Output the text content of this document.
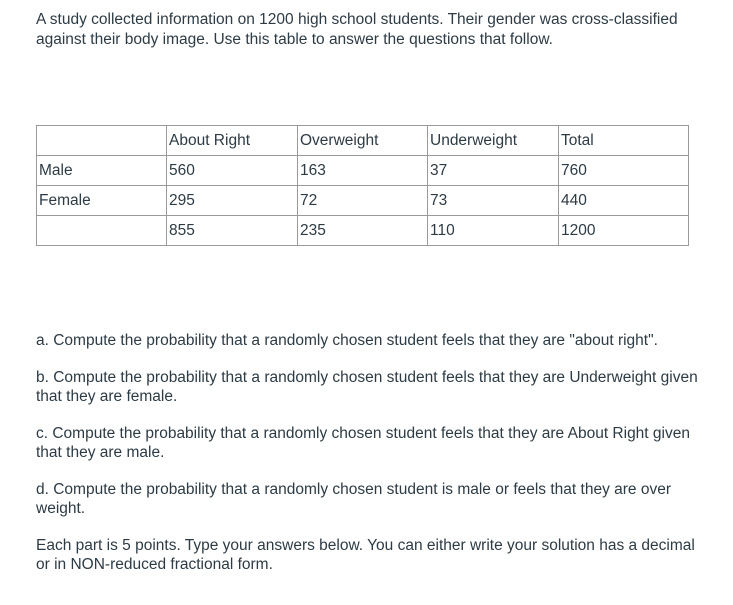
A study collected information on 1200 high school students. Their gender was cross-classified against their body image. Use this table to answer the questions that follow.

	About Right	Overweight	Underweight	Total
Male	560	163	37	760
Female	295	72	73	440
	855	235	110	1200

a. Compute the probability that a randomly chosen student feels that they are "about right".

b. Compute the probability that a randomly chosen student feels that they are Underweight given that they are female.

c. Compute the probability that a randomly chosen student feels that they are About Right given that they are male.

d. Compute the probability that a randomly chosen student is male or feels that they are over weight.

Each part is 5 points. Type your answers below. You can either write your solution has a decimal or in NON-reduced fractional form.
